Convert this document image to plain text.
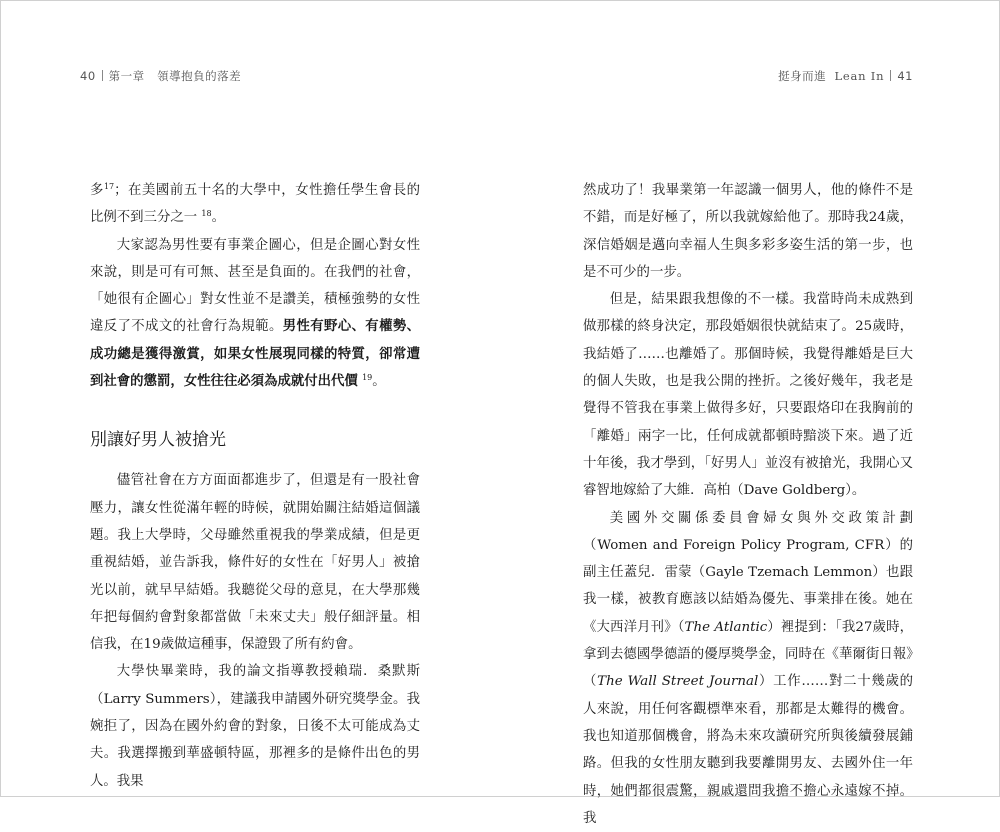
40 第一章 領導抱負的落差

多$^{17}$；在美國前五十名的大學中，女性擔任學生會長的比例不到三分之一 $^{18}$。

大家認為男性要有事業企圖心，但是企圖心對女性來說，則是可有可無、甚至是負面的。在我們的社會，「她很有企圖心」對女性並不是讚美，積極強勢的女性違反了不成文的社會行為規範。男性有野心、有權勢、成功總是獲得激賞，如果女性展現同樣的特質，卻常遭到社會的懲罰，女性往往必須為成就付出代價 $^{19}$。

別讓好男人被搶光

儘管社會在方方面面都進步了，但還是有一股社會壓力，讓女性從滿年輕的時候，就開始關注結婚這個議題。我上大學時，父母雖然重視我的學業成績，但是更重視結婚，並告訴我，條件好的女性在「好男人」被搶光以前，就早早結婚。我聽從父母的意見，在大學那幾年把每個約會對象都當做「未來丈夫」般仔細評量。相信我，在19歲做這種事，保證毀了所有約會。

大學快畢業時，我的論文指導教授賴瑞．桑默斯（Larry Summers），建議我申請國外研究獎學金。我婉拒了，因為在國外約會的對象，日後不太可能成為丈夫。我選擇搬到華盛頓特區，那裡多的是條件出色的男人。我果

挺身而進 Lean In 41

然成功了！我畢業第一年認識一個男人，他的條件不是不錯，而是好極了，所以我就嫁給他了。那時我24歲，深信婚姻是邁向幸福人生與多彩多姿生活的第一步，也是不可少的一步。

但是，結果跟我想像的不一樣。我當時尚未成熟到做那樣的終身決定，那段婚姻很快就結束了。25歲時，我結婚了……也離婚了。那個時候，我覺得離婚是巨大的個人失敗，也是我公開的挫折。之後好幾年，我老是覺得不管我在事業上做得多好，只要跟烙印在我胸前的「離婚」兩字一比，任何成就都頓時黯淡下來。過了近十年後，我才學到，「好男人」並沒有被搶光，我開心又睿智地嫁給了大維．高柏（Dave Goldberg）。

美國外交關係委員會婦女與外交政策計劃（Women and Foreign Policy Program, CFR）的副主任蓋兒．雷蒙（Gayle Tzemach Lemmon）也跟我一樣，被教育應該以結婚為優先、事業排在後。她在《大西洋月刊》（The Atlantic）裡提到：「我27歲時，拿到去德國學德語的優厚獎學金，同時在《華爾街日報》（The Wall Street Journal）工作……對二十幾歲的人來說，用任何客觀標準來看，那都是太難得的機會。我也知道那個機會，將為未來攻讀研究所與後續發展鋪路。但我的女性朋友聽到我要離開男友、去國外住一年時，她們都很震驚，親戚還問我擔不擔心永遠嫁不掉。我
